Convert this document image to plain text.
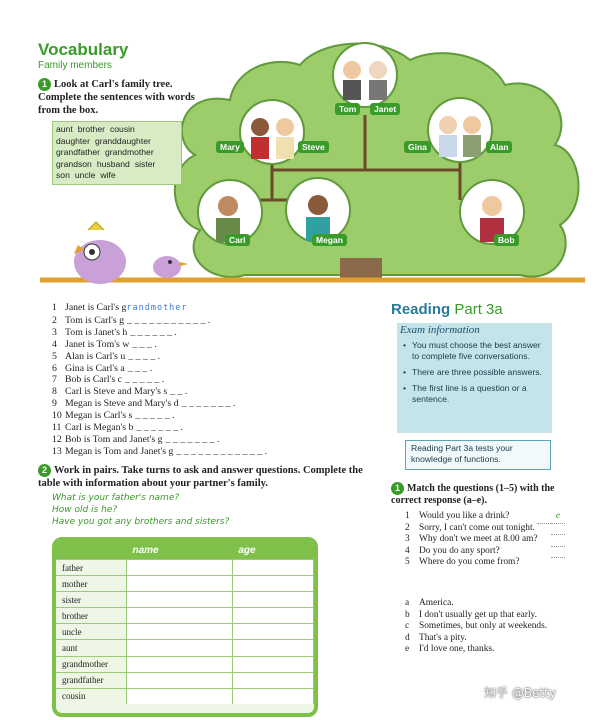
Vocabulary
Family members
1 Look at Carl's family tree. Complete the sentences with words from the box.	Tom	Janet
Mary	Steve	Gina	Alan
Carl	Megan	Bob
aunt brother cousindaughter granddaughtergrandfather grandmothergrandson husband sisterson uncle wife
1 Janet is Carl's grandmother
2 Tom is Carl's g _ _ _ _ _ _ _ _ _ _ _ .
3 Tom is Janet's h _ _ _ _ _ _ .
4 Janet is Tom's w _ _ _ .
5 Alan is Carl's u _ _ _ _ .
6 Gina is Carl's a _ _ _ .
7 Bob is Carl's c _ _ _ _ _ .
8 Carl is Steve and Mary's s _ _ .
9 Megan is Steve and Mary's d _ _ _ _ _ _ _ .
10 Megan is Carl's s _ _ _ _ _ .
11 Carl is Megan's b _ _ _ _ _ _ .
12 Bob is Tom and Janet's g _ _ _ _ _ _ _ .
13 Megan is Tom and Janet's g _ _ _ _ _ _ _ _ _ _ _ _ .
2 Work in pairs. Take turns to ask and answer questions. Complete the table with information about your partner's family.
What is your father's name?
How old is he?
Have you got any brothers and sisters?
	name	age
father		
mother		
sister		
brother		
uncle		
aunt		
grandmother		
grandfather		
cousin		
Reading Part 3a
Exam information
• You must choose the best answer to complete five conversations.
• There are three possible answers.
• The first line is a question or a sentence.
Reading Part 3a tests your knowledge of functions.
1 Match the questions (1–5) with the correct response (a–e).
1 Would you like a drink?	e
2 Sorry, I can't come out tonight.
3 Why don't we meet at 8.00 am?
4 Do you do any sport?
5 Where do you come from?
a America.
b I don't usually get up that early.
c Sometimes, but only at weekends.
d That's a pity.
e I'd love one, thanks.
知乎 @Betty
